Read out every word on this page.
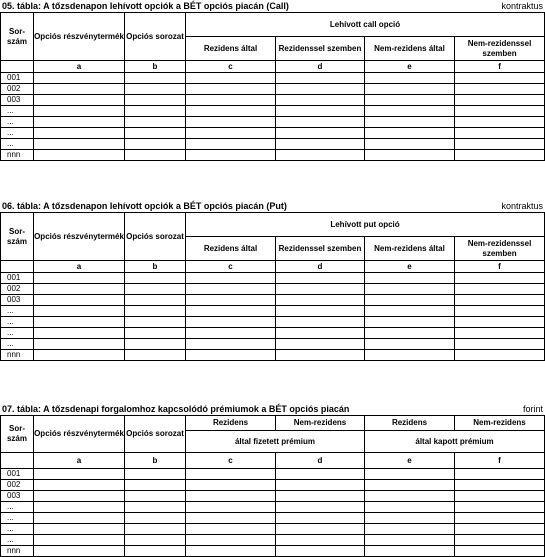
05. tábla: A tőzsdenapon lehívott opciók a BÉT opciós piacán (Call)	kontraktus
Sor-
szám	Opciós részvénytermék	Opciós sorozat	Lehívott call opció			
			Rezidens által	Rezidenssel szemben	Nem-rezidens által	Nem-rezidenssel szemben
	a	b	c	d	e	f
001						
002						
003						
...						
...						
...						
...						
nnn						
06. tábla: A tőzsdenapon lehívott opciók a BÉT opciós piacán (Put)	kontraktus
Sor-
szám	Opciós részvénytermék	Opciós sorozat	Lehívott put opció			
			Rezidens által	Rezidenssel szemben	Nem-rezidens által	Nem-rezidenssel szemben
	a	b	c	d	e	f
001						
002						
003						
...						
...						
...						
...						
nnn						
07. tábla: A tőzsdenapi forgalomhoz kapcsolódó prémiumok a BÉT opciós piacán	forint
Sor-
szám	Opciós részvénytermék	Opciós sorozat	Rezidens	Nem-rezidens	Rezidens	Nem-rezidens
			által fizetett prémium		által kapott prémium	
	a	b	c	d	e	f
001						
002						
003						
...						
...						
...						
...						
nnn						
